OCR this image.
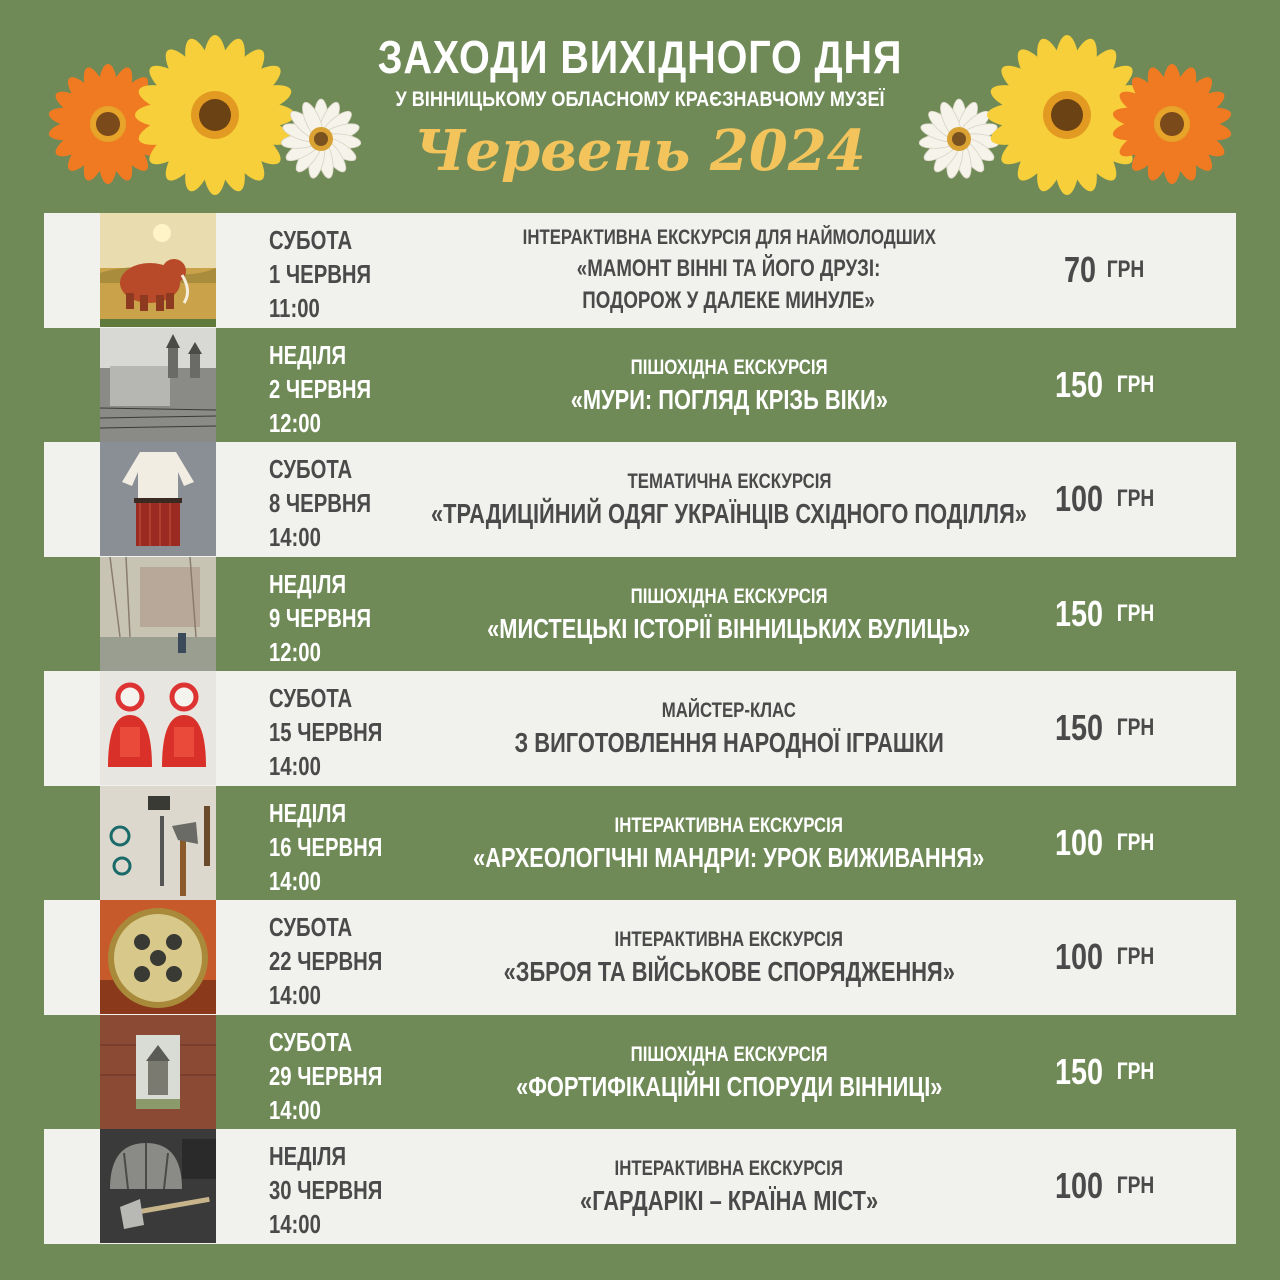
ЗАХОДИ ВИХІДНОГО ДНЯ
У ВІННИЦЬКОМУ ОБЛАСНОМУ КРАЄЗНАВЧОМУ МУЗЕЇ
Червень 2024
СУБОТА
1 ЧЕРВНЯ
11:00
ІНТЕРАКТИВНА ЕКСКУРСІЯ ДЛЯ НАЙМОЛОДШИХ
«МАМОНТ ВІННІ ТА ЙОГО ДРУЗІ:
ПОДОРОЖ У ДАЛЕКЕ МИНУЛЕ»
70 ГРН
НЕДІЛЯ
2 ЧЕРВНЯ
12:00
ПІШОХІДНА ЕКСКУРСІЯ
«МУРИ: ПОГЛЯД КРІЗЬ ВІКИ»	150 ГРН
СУБОТА
8 ЧЕРВНЯ
14:00
ТЕМАТИЧНА ЕКСКУРСІЯ
«ТРАДИЦІЙНИЙ ОДЯГ УКРАЇНЦІВ СХІДНОГО ПОДІЛЛЯ» 100 ГРН
НЕДІЛЯ
9 ЧЕРВНЯ
12:00
ПІШОХІДНА ЕКСКУРСІЯ
«МИСТЕЦЬКІ ІСТОРІЇ ВІННИЦЬКИХ ВУЛИЦЬ» 150 ГРН
СУБОТА
15 ЧЕРВНЯ
14:00
МАЙСТЕР-КЛАС
З ВИГОТОВЛЕННЯ НАРОДНОЇ ІГРАШКИ	150 ГРН
НЕДІЛЯ
16 ЧЕРВНЯ
14:00
ІНТЕРАКТИВНА ЕКСКУРСІЯ
«АРХЕОЛОГІЧНІ МАНДРИ: УРОК ВИЖИВАННЯ» 100 ГРН
СУБОТА
22 ЧЕРВНЯ
14:00
ІНТЕРАКТИВНА ЕКСКУРСІЯ
«ЗБРОЯ ТА ВІЙСЬКОВЕ СПОРЯДЖЕННЯ»	100 ГРН
СУБОТА
29 ЧЕРВНЯ
14:00
ПІШОХІДНА ЕКСКУРСІЯ
«ФОРТИФІКАЦІЙНІ СПОРУДИ ВІННИЦІ»	150 ГРН
НЕДІЛЯ
30 ЧЕРВНЯ
14:00
ІНТЕРАКТИВНА ЕКСКУРСІЯ
«ГАРДАРІКІ – КРАЇНА МІСТ»	100 ГРН
